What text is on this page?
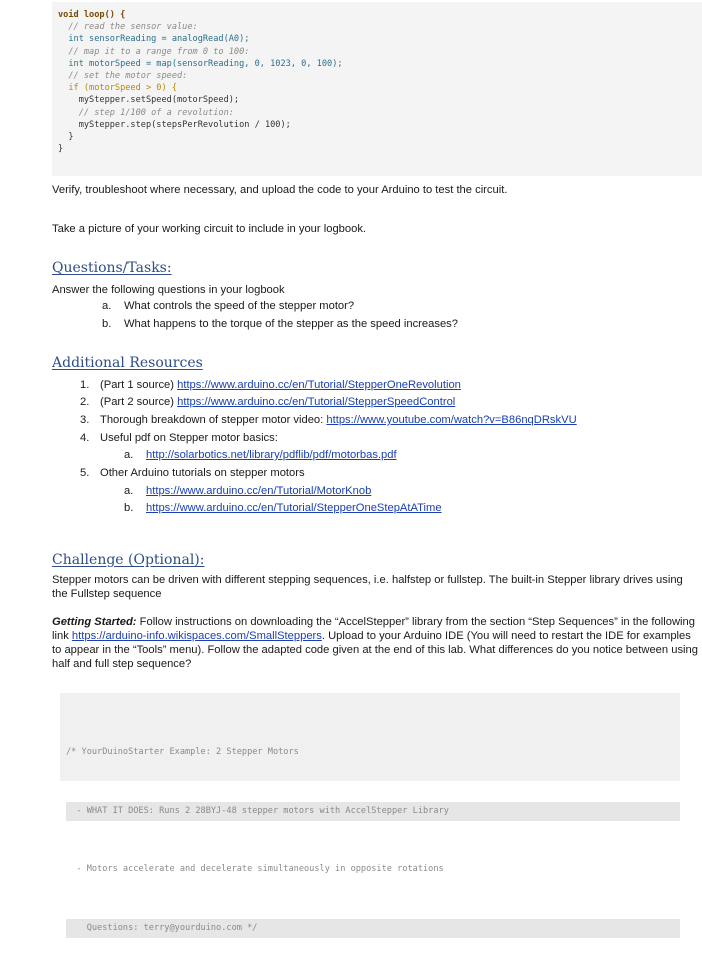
void loop() {
// read the sensor value:
int sensorReading = analogRead(A0);
// map it to a range from 0 to 100:
int motorSpeed = map(sensorReading, 0, 1023, 0, 100);
// set the motor speed:
if (motorSpeed > 0) {
myStepper.setSpeed(motorSpeed);
// step 1/100 of a revolution:
myStepper.step(stepsPerRevolution / 100);
}
}
Verify, troubleshoot where necessary, and upload the code to your Arduino to test the circuit.
Take a picture of your working circuit to include in your logbook.
Questions/Tasks:
Answer the following questions in your logbook
a. What controls the speed of the stepper motor?
b. What happens to the torque of the stepper as the speed increases?
Additional Resources
1. (Part 1 source) https://www.arduino.cc/en/Tutorial/StepperOneRevolution
2. (Part 2 source) https://www.arduino.cc/en/Tutorial/StepperSpeedControl
3. Thorough breakdown of stepper motor video: https://www.youtube.com/watch?v=B86nqDRskVU
4. Useful pdf on Stepper motor basics:
a. http://solarbotics.net/library/pdflib/pdf/motorbas.pdf
5. Other Arduino tutorials on stepper motors
a. https://www.arduino.cc/en/Tutorial/MotorKnob
b. https://www.arduino.cc/en/Tutorial/StepperOneStepAtATime
Challenge (Optional):
Stepper motors can be driven with different stepping sequences, i.e. halfstep or fullstep. The built-in Stepper library drives using the Fullstep sequence
Getting Started: Follow instructions on downloading the “AccelStepper” library from the section “Step Sequences” in the following link https://arduino-info.wikispaces.com/SmallSteppers. Upload to your Arduino IDE (You will need to restart the IDE for examples to appear in the “Tools” menu). Follow the adapted code given at the end of this lab. What differences do you notice between using half and full step sequence?

/* YourDuinoStarter Example: 2 Stepper Motors

- WHAT IT DOES: Runs 2 28BYJ-48 stepper motors with AccelStepper Library

- Motors accelerate and decelerate simultaneously in opposite rotations

Questions: terry@yourduino.com */
